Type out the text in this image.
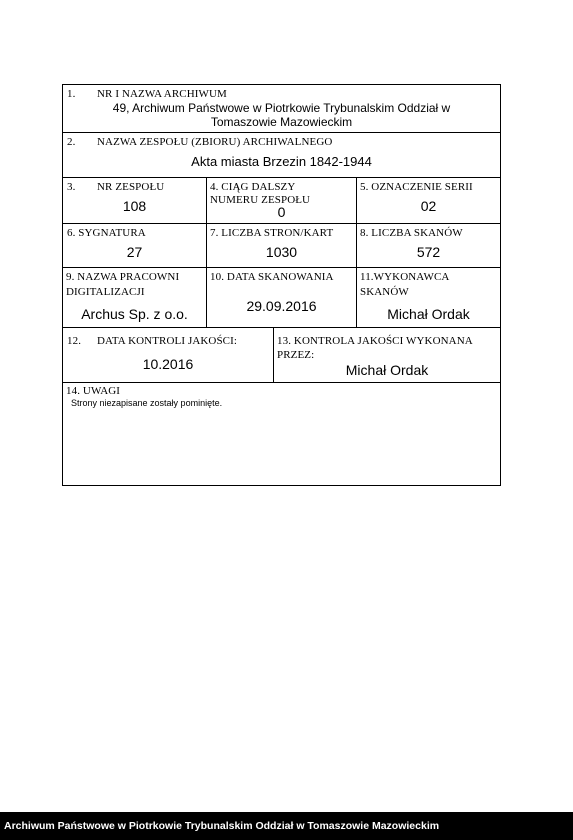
1. NR I NAZWA ARCHIWUM
49, Archiwum Państwowe w Piotrkowie Trybunalskim Oddział w
Tomaszowie Mazowieckim
2. NAZWA ZESPOŁU (ZBIORU) ARCHIWALNEGO
Akta miasta Brzezin 1842-1944
3. NR ZESPOŁU
108
4. CIĄG DALSZY
NUMERU ZESPOŁU
0
5. OZNACZENIE SERII
02
6. SYGNATURA
27
7. LICZBA STRON/KART
1030
8. LICZBA SKANÓW
572
9. NAZWA PRACOWNI
DIGITALIZACJI
Archus Sp. z o.o.
10. DATA SKANOWANIA
29.09.2016
11.WYKONAWCA
SKANÓW
Michał Ordak
12. DATA KONTROLI JAKOŚCI:
10.2016
13. KONTROLA JAKOŚCI WYKONANA
PRZEZ:
Michał Ordak
14. UWAGI
Strony niezapisane zostały pominięte.
Archiwum Państwowe w Piotrkowie Trybunalskim Oddział w Tomaszowie Mazowieckim
